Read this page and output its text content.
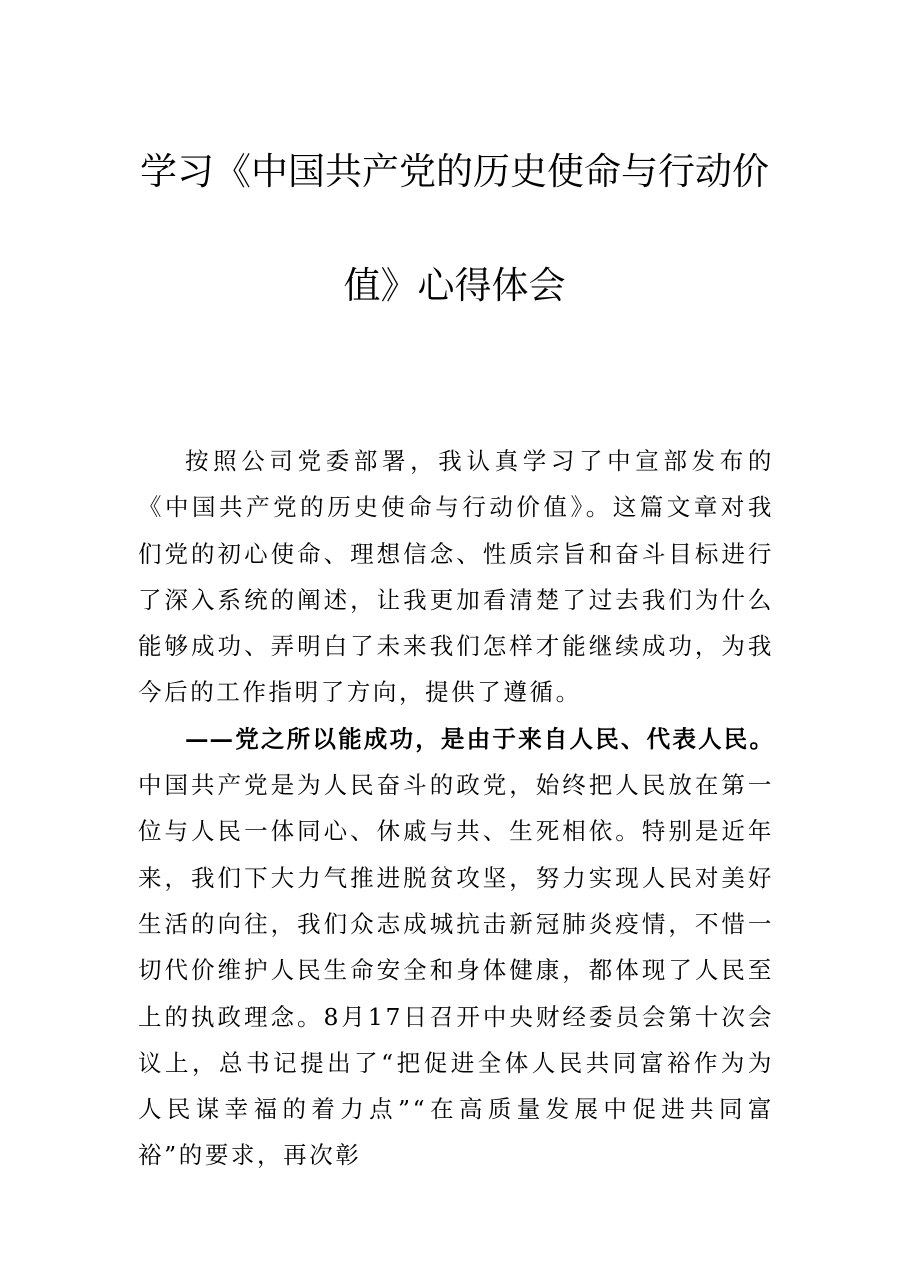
学习《中国共产党的历史使命与行动价
值》心得体会

按照公司党委部署，我认真学习了中宣部发布的《中国共产党的历史使命与行动价值》。这篇文章对我们党的初心使命、理想信念、性质宗旨和奋斗目标进行了深入系统的阐述，让我更加看清楚了过去我们为什么能够成功、弄明白了未来我们怎样才能继续成功，为我今后的工作指明了方向，提供了遵循。

——党之所以能成功，是由于来自人民、代表人民。中国共产党是为人民奋斗的政党，始终把人民放在第一位与人民一体同心、休戚与共、生死相依。特别是近年来，我们下大力气推进脱贫攻坚，努力实现人民对美好生活的向往，我们众志成城抗击新冠肺炎疫情，不惜一切代价维护人民生命安全和身体健康，都体现了人民至上的执政理念。8月17日召开中央财经委员会第十次会议上，总书记提出了“把促进全体人民共同富裕作为为人民谋幸福的着力点”“在高质量发展中促进共同富裕”的要求，再次彰
